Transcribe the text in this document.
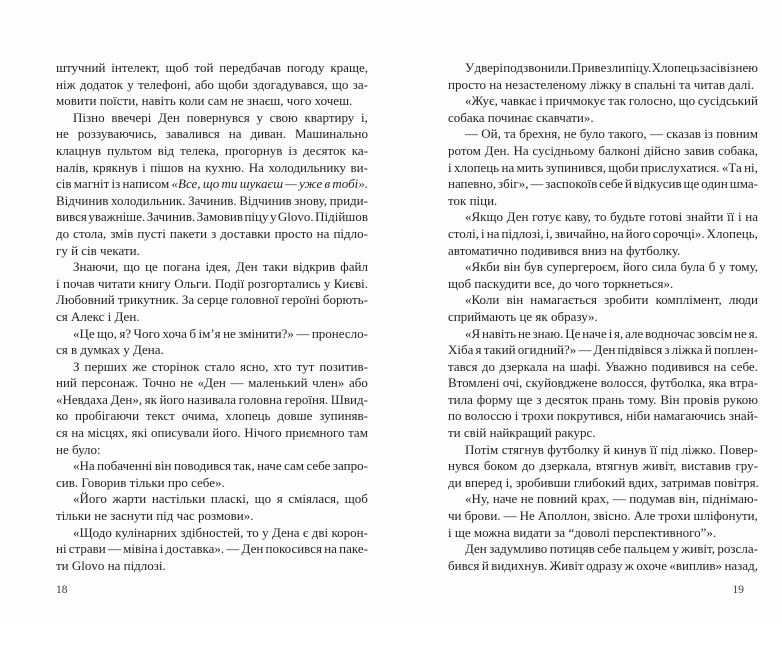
штучний інтелект, щоб той передбачав погоду краще,
ніж додаток у телефоні, або щоби здогадувався, що за-
мовити поїсти, навіть коли сам не знаєш, чого хочеш.
Пізно ввечері Ден повернувся у свою квартиру і,
не роззуваючись, завалився на диван. Машинально
клацнув пультом від телека, прогорнув із десяток ка-
налів, крякнув і пішов на кухню. На холодильнику ви-
сів магніт із написом «Все, що ти шукаєш — уже в тобі».
Відчинив холодильник. Зачинив. Відчинив знову, приди-
вився уважніше. Зачинив. Замовив піцу у Glovo. Підійшов
до стола, змів пусті пакети з доставки просто на підло-
гу й сів чекати.
Знаючи, що це погана ідея, Ден таки відкрив файл
і почав читати книгу Ольги. Події розгортались у Києві.
Любовний трикутник. За серце головної героїні борють-
ся Алекс і Ден.
«Це що, я? Чого хоча б ім’я не змінити?» — пронесло-
ся в думках у Дена.
З перших же сторінок стало ясно, хто тут позитив-
ний персонаж. Точно не «Ден — маленький член» або
«Невдаха Ден», як його називала головна героїня. Швид-
ко пробігаючи текст очима, хлопець довше зупиняв-
ся на місцях, які описували його. Нічого приємного там
не було:
«На побаченні він поводився так, наче сам себе запро-
сив. Говорив тільки про себе».
«Його жарти настільки пласкі, що я сміялася, щоб
тільки не заснути під час розмови».
«Щодо кулінарних здібностей, то у Дена є дві корон-
ні страви — мівіна і доставка». — Ден покосився на паке-
ти Glovo на підлозі.
У двері подзвонили. Привезли піцу. Хлопець засів із нею
просто на незастеленому ліжку в спальні та читав далі.
«Жує, чавкає і причмокує так голосно, що сусідський
собака починає скавчати».
— Ой, та брехня, не було такого, — сказав із повним
ротом Ден. На сусідньому балконі дійсно завив собака,
і хлопець на мить зупинився, щоби прислухатися. «Та ні,
напевно, збіг», — заспокоїв себе й відкусив ще один шма-
ток піци.
«Якщо Ден готує каву, то будьте готові знайти її і на
столі, і на підлозі, і, звичайно, на його сорочці». Хлопець,
автоматично подивився вниз на футболку.
«Якби він був супергероєм, його сила була б у тому,
щоб паскудити все, до чого торкнеться».
«Коли він намагається зробити комплімент, люди
сприймають це як образу».
«Я навіть не знаю. Це наче і я, але водночас зовсім не я.
Хіба я такий огидний?» — Ден підвівся з ліжка й поплен-
тався до дзеркала на шафі. Уважно подивився на себе.
Втомлені очі, скуйовджене волосся, футболка, яка втра-
тила форму ще з десяток прань тому. Він провів рукою
по волоссю і трохи покрутився, ніби намагаючись знай-
ти свій найкращий ракурс.
Потім стягнув футболку й кинув її під ліжко. Повер-
нувся боком до дзеркала, втягнув живіт, виставив гру-
ди вперед і, зробивши глибокий вдих, затримав повітря.
«Ну, наче не повний крах, — подумав він, піднімаю-
чи брови. — Не Аполлон, звісно. Але трохи шліфонути,
і ще можна видати за “доволі перспективного”».
Ден задумливо потицяв себе пальцем у живіт, розсла-
бився й видихнув. Живіт одразу ж охоче «виплив» назад,
18	19
